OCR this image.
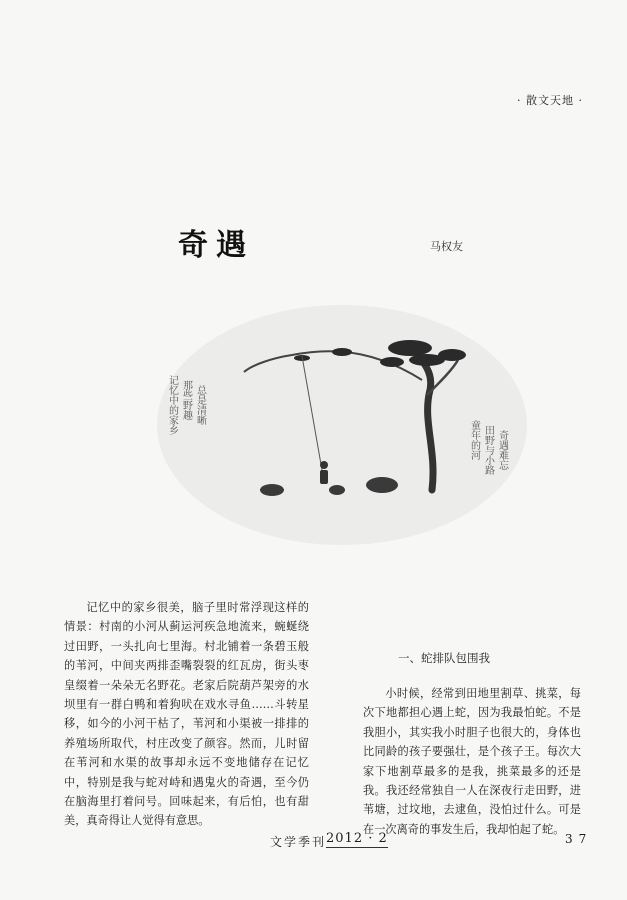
· 散文天地 ·
奇遇	马权友
记忆中的家乡 那些野趣 总是清晰
童年的河 田野与小路 奇遇难忘
记忆中的家乡很美，脑子里时常浮现这样的情景：村南的小河从蓟运河疾急地流来，蜿蜒绕过田野，一头扎向七里海。村北铺着一条碧玉般的苇河，中间夹两排歪嘴裂裂的红瓦房，街头枣皇缀着一朵朵无名野花。老家后院葫芦架旁的水坝里有一群白鸭和着狗吠在戏水寻鱼……斗转星移，如今的小河干枯了，苇河和小渠被一排排的养殖场所取代，村庄改变了颜容。然而，儿时留在苇河和水渠的故事却永远不变地储存在记忆中，特别是我与蛇对峙和遇鬼火的奇遇，至今仍在脑海里打着问号。回味起来，有后怕，也有甜美，真奇得让人觉得有意思。
一、蛇排队包围我
小时候，经常到田地里割草、挑菜，每次下地都担心遇上蛇，因为我最怕蛇。不是我胆小，其实我小时胆子也很大的，身体也比同龄的孩子要强壮，是个孩子王。每次大家下地割草最多的是我，挑菜最多的还是我。我还经常独自一人在深夜行走田野，进苇塘，过坟地，去逮鱼，没怕过什么。可是在一次离奇的事发生后，我却怕起了蛇。
文学季刊 2012 · 2	37
